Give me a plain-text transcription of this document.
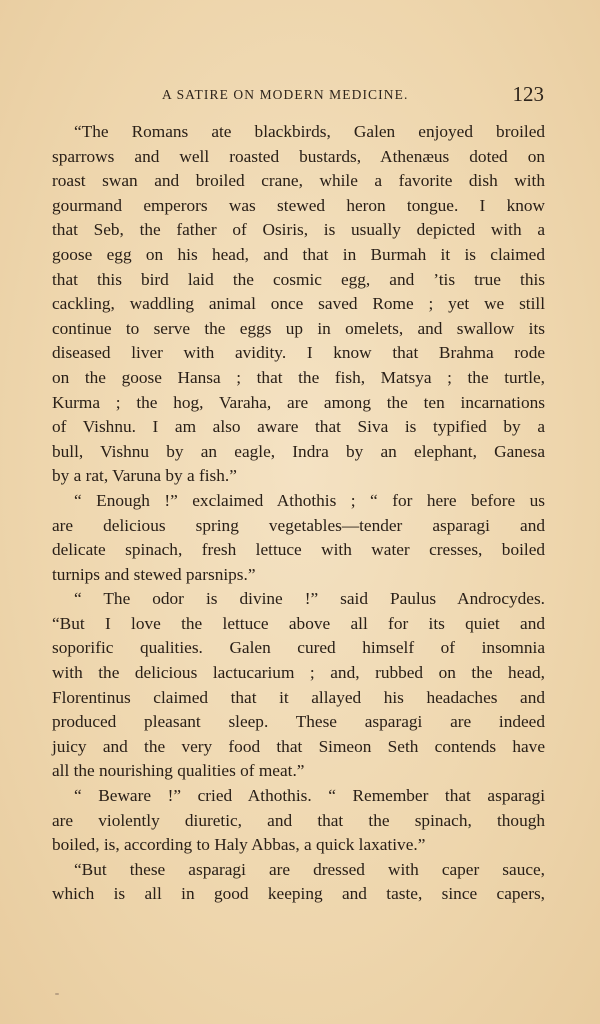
A SATIRE ON MODERN MEDICINE.	123
“The Romans ate blackbirds, Galen enjoyed broiled
sparrows and well roasted bustards, Athenæus doted on
roast swan and broiled crane, while a favorite dish with
gourmand emperors was stewed heron tongue. I know
that Seb, the father of Osiris, is usually depicted with a
goose egg on his head, and that in Burmah it is claimed
that this bird laid the cosmic egg, and ’tis true this
cackling, waddling animal once saved Rome ; yet we still
continue to serve the eggs up in omelets, and swallow its
diseased liver with avidity. I know that Brahma rode
on the goose Hansa ; that the fish, Matsya ; the turtle,
Kurma ; the hog, Varaha, are among the ten incarnations
of Vishnu. I am also aware that Siva is typified by a
bull, Vishnu by an eagle, Indra by an elephant, Ganesa
by a rat, Varuna by a fish.”
“ Enough !” exclaimed Athothis ; “ for here before us
are delicious spring vegetables—tender asparagi and
delicate spinach, fresh lettuce with water cresses, boiled
turnips and stewed parsnips.”
“ The odor is divine !” said Paulus Androcydes.
“But I love the lettuce above all for its quiet and
soporific qualities. Galen cured himself of insomnia
with the delicious lactucarium ; and, rubbed on the head,
Florentinus claimed that it allayed his headaches and
produced pleasant sleep. These asparagi are indeed
juicy and the very food that Simeon Seth contends have
all the nourishing qualities of meat.”
“ Beware !” cried Athothis. “ Remember that asparagi
are violently diuretic, and that the spinach, though
boiled, is, according to Haly Abbas, a quick laxative.”
“But these asparagi are dressed with caper sauce,
which is all in good keeping and taste, since capers,
